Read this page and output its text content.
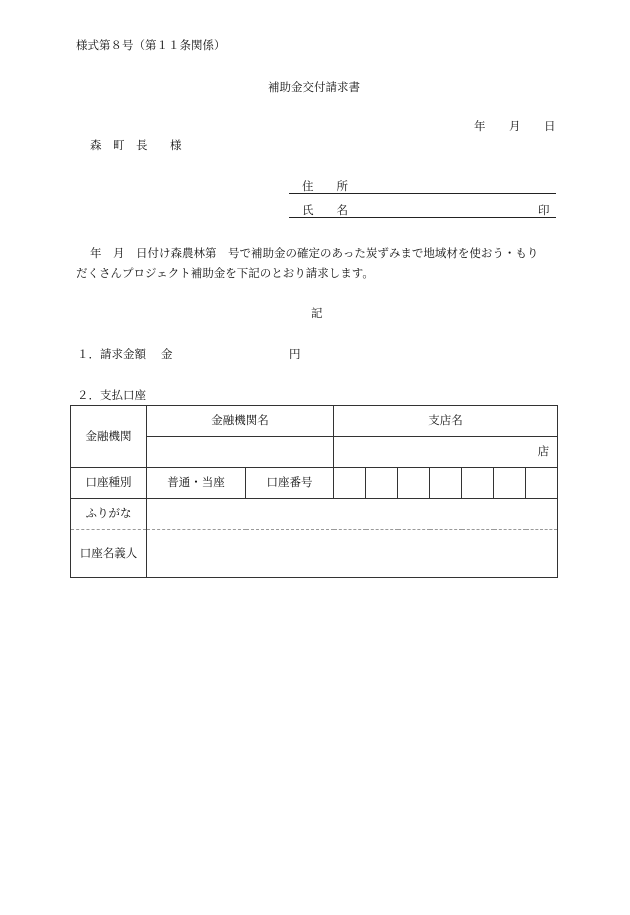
様式第８号（第１１条関係）
補助金交付請求書
年 月 日
森　町　長 様
住　　所
氏　　名	印
年　月　日付け森農林第　号で補助金の確定のあった炭ずみまで地域材を使おう・もり
だくさんプロジェクト補助金を下記のとおり請求します。
記
１．請求金額 金	円
２．支払口座
金融機関	金融機関名		支店名						

			店						

口座種別	普通・当座	口座番号							
ふりがな									
口座名義人									
